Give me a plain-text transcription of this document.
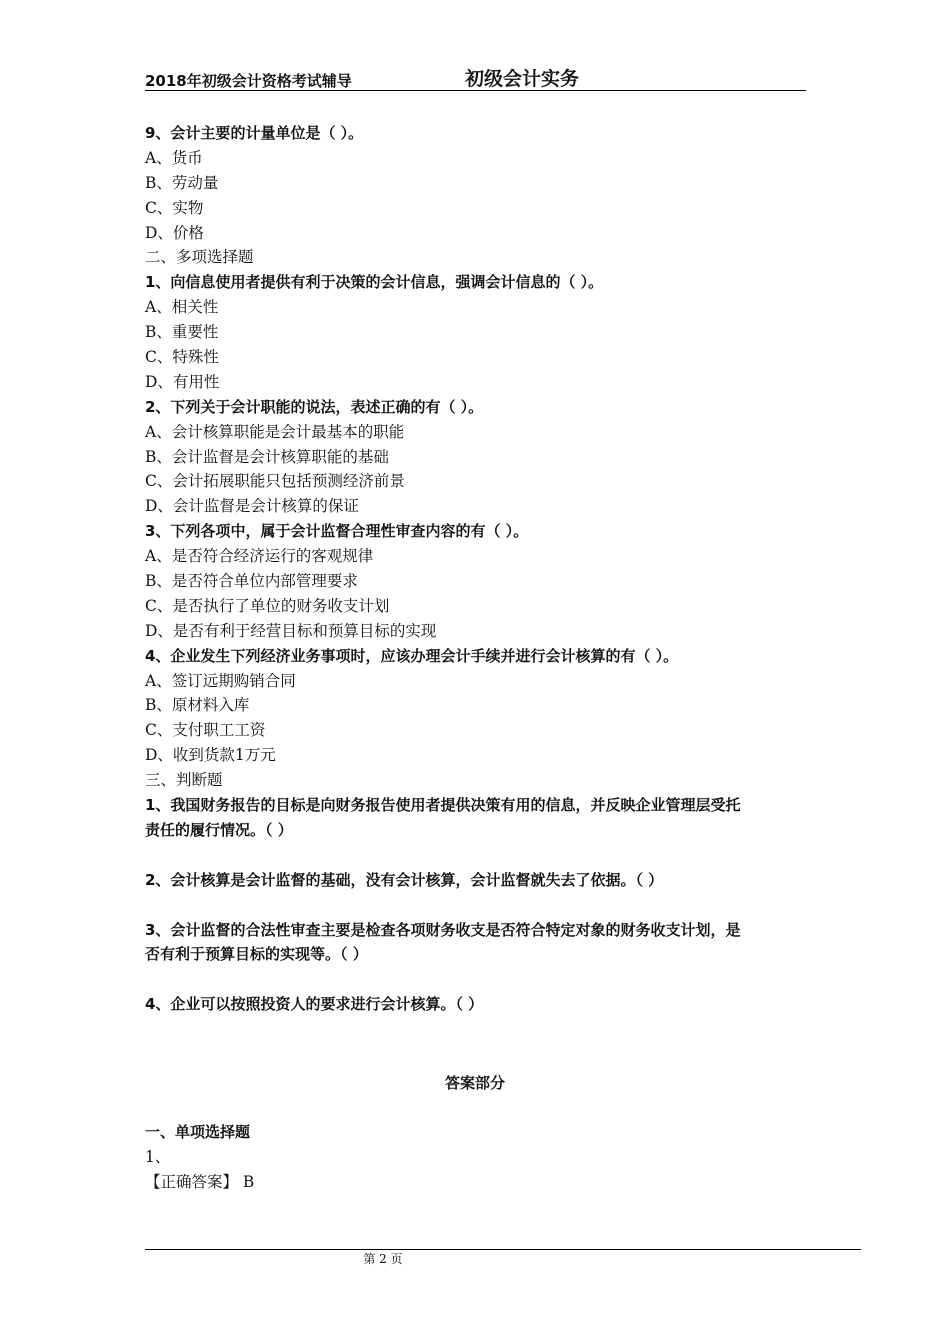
2018年初级会计资格考试辅导	初级会计实务
9、会计主要的计量单位是（ ）。
A、货币
B、劳动量
C、实物
D、价格
二、多项选择题
1、向信息使用者提供有利于决策的会计信息，强调会计信息的（ ）。
A、相关性
B、重要性
C、特殊性
D、有用性
2、下列关于会计职能的说法，表述正确的有（ ）。
A、会计核算职能是会计最基本的职能
B、会计监督是会计核算职能的基础
C、会计拓展职能只包括预测经济前景
D、会计监督是会计核算的保证
3、下列各项中，属于会计监督合理性审查内容的有（ ）。
A、是否符合经济运行的客观规律
B、是否符合单位内部管理要求
C、是否执行了单位的财务收支计划
D、是否有利于经营目标和预算目标的实现
4、企业发生下列经济业务事项时，应该办理会计手续并进行会计核算的有（ ）。
A、签订远期购销合同
B、原材料入库
C、支付职工工资
D、收到货款1万元
三、判断题
1、我国财务报告的目标是向财务报告使用者提供决策有用的信息，并反映企业管理层受托
责任的履行情况。（ ）
2、会计核算是会计监督的基础，没有会计核算，会计监督就失去了依据。（ ）
3、会计监督的合法性审查主要是检查各项财务收支是否符合特定对象的财务收支计划，是
否有利于预算目标的实现等。（ ）
4、企业可以按照投资人的要求进行会计核算。（ ）
答案部分
一、单项选择题
1、
【正确答案】 B
第 2 页
